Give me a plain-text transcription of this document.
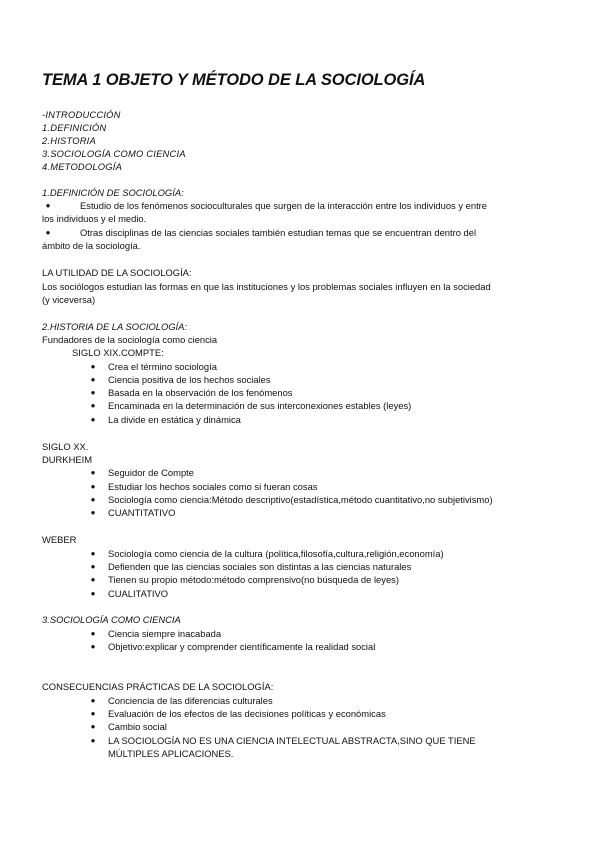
TEMA 1 OBJETO Y MÉTODO DE LA SOCIOLOGÍA
-INTRODUCCIÓN
1.DEFINICIÓN
2.HISTORIA
3.SOCIOLOGÍA COMO CIENCIA
4.METODOLOGÍA
1.DEFINICIÓN DE SOCIOLOGÍA:
●	Estudio de los fenómenos socioculturales que surgen de la interacción entre los individuos y entre
los individuos y el medio.
●	Otras disciplinas de las ciencias sociales también estudian temas que se encuentran dentro del
ámbito de la sociología.
LA UTILIDAD DE LA SOCIOLOGÍA:
Los sociólogos estudian las formas en que las instituciones y los problemas sociales influyen en la sociedad
(y viceversa)
2.HISTORIA DE LA SOCIOLOGÍA:
Fundadores de la sociología como ciencia
SIGLO XIX.COMPTE:
●	Crea el término sociología
●	Ciencia positiva de los hechos sociales
●	Basada en la observación de los fenómenos
●	Encaminada en la determinación de sus interconexiones estables (leyes)
●	La divide en estática y dinámica
SIGLO XX.
DURKHEIM
●	Seguidor de Compte
●	Estudiar los hechos sociales como si fueran cosas
●	Sociología como ciencia:Método descriptivo(estadística,método cuantitativo,no subjetivismo)
●	CUANTITATIVO
WEBER
●	Sociología como ciencia de la cultura (política,filosofía,cultura,religión,economía)
●	Defienden que las ciencias sociales son distintas a las ciencias naturales
●	Tienen su propio método:método comprensivo(no búsqueda de leyes)
●	CUALITATIVO
3.SOCIOLOGÍA COMO CIENCIA
●	Ciencia siempre inacabada
●	Objetivo:explicar y comprender científicamente la realidad social
CONSECUENCIAS PRÁCTICAS DE LA SOCIOLOGÍA:
●	Conciencia de las diferencias culturales
●	Evaluación de los efectos de las decisiones políticas y económicas
●	Cambio social
●	LA SOCIOLOGÍA NO ES UNA CIENCIA INTELECTUAL ABSTRACTA,SINO QUE TIENE
MÚLTIPLES APLICACIONES.
